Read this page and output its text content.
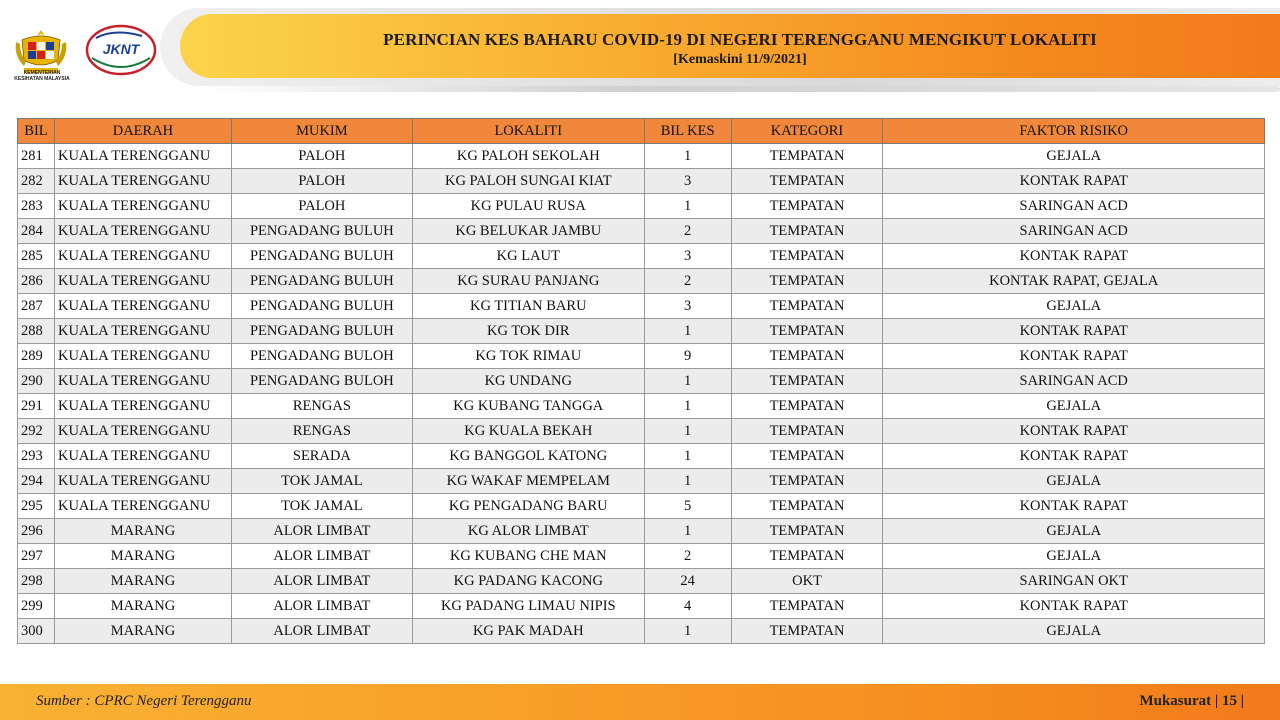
KEMENTERIAN KESIHATAN MALAYSIA
JKNT	PERINCIAN KES BAHARU COVID-19 DI NEGERI TERENGGANU MENGIKUT LOKALITI
[Kemaskini 11/9/2021]
BIL	DAERAH	MUKIM	LOKALITI	BIL KES	KATEGORI	FAKTOR RISIKO
281	KUALA TERENGGANU	PALOH	KG PALOH SEKOLAH	1	TEMPATAN	GEJALA
282	KUALA TERENGGANU	PALOH	KG PALOH SUNGAI KIAT	3	TEMPATAN	KONTAK RAPAT
283	KUALA TERENGGANU	PALOH	KG PULAU RUSA	1	TEMPATAN	SARINGAN ACD
284	KUALA TERENGGANU	PENGADANG BULUH	KG BELUKAR JAMBU	2	TEMPATAN	SARINGAN ACD
285	KUALA TERENGGANU	PENGADANG BULUH	KG LAUT	3	TEMPATAN	KONTAK RAPAT
286	KUALA TERENGGANU	PENGADANG BULUH	KG SURAU PANJANG	2	TEMPATAN	KONTAK RAPAT, GEJALA
287	KUALA TERENGGANU	PENGADANG BULUH	KG TITIAN BARU	3	TEMPATAN	GEJALA
288	KUALA TERENGGANU	PENGADANG BULUH	KG TOK DIR	1	TEMPATAN	KONTAK RAPAT
289	KUALA TERENGGANU	PENGADANG BULOH	KG TOK RIMAU	9	TEMPATAN	KONTAK RAPAT
290	KUALA TERENGGANU	PENGADANG BULOH	KG UNDANG	1	TEMPATAN	SARINGAN ACD
291	KUALA TERENGGANU	RENGAS	KG KUBANG TANGGA	1	TEMPATAN	GEJALA
292	KUALA TERENGGANU	RENGAS	KG KUALA BEKAH	1	TEMPATAN	KONTAK RAPAT
293	KUALA TERENGGANU	SERADA	KG BANGGOL KATONG	1	TEMPATAN	KONTAK RAPAT
294	KUALA TERENGGANU	TOK JAMAL	KG WAKAF MEMPELAM	1	TEMPATAN	GEJALA
295	KUALA TERENGGANU	TOK JAMAL	KG PENGADANG BARU	5	TEMPATAN	KONTAK RAPAT
296	MARANG	ALOR LIMBAT	KG ALOR LIMBAT	1	TEMPATAN	GEJALA
297	MARANG	ALOR LIMBAT	KG KUBANG CHE MAN	2	TEMPATAN	GEJALA
298	MARANG	ALOR LIMBAT	KG PADANG KACONG	24	OKT	SARINGAN OKT
299	MARANG	ALOR LIMBAT	KG PADANG LIMAU NIPIS	4	TEMPATAN	KONTAK RAPAT
300	MARANG	ALOR LIMBAT	KG PAK MADAH	1	TEMPATAN	GEJALA
Sumber : CPRC Negeri Terengganu	Mukasurat | 15 |
